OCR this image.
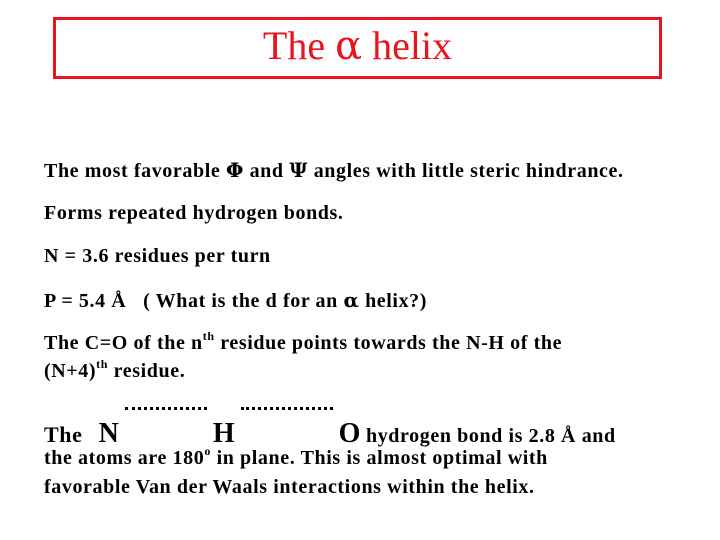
The α helix
The most favorable Φ and Ψ angles with little steric hindrance.
Forms repeated hydrogen bonds.
N = 3.6 residues per turn
P = 5.4 Å   ( What is the d for an α helix?)
The C=O of the $n^{th}$ residue points towards the N-H of the
$(N+4)^{th}$ residue.
The N	H	O hydrogen bond is 2.8 Å and
the atoms are 180$^o$ in plane. This is almost optimal with
favorable Van der Waals interactions within the helix.
